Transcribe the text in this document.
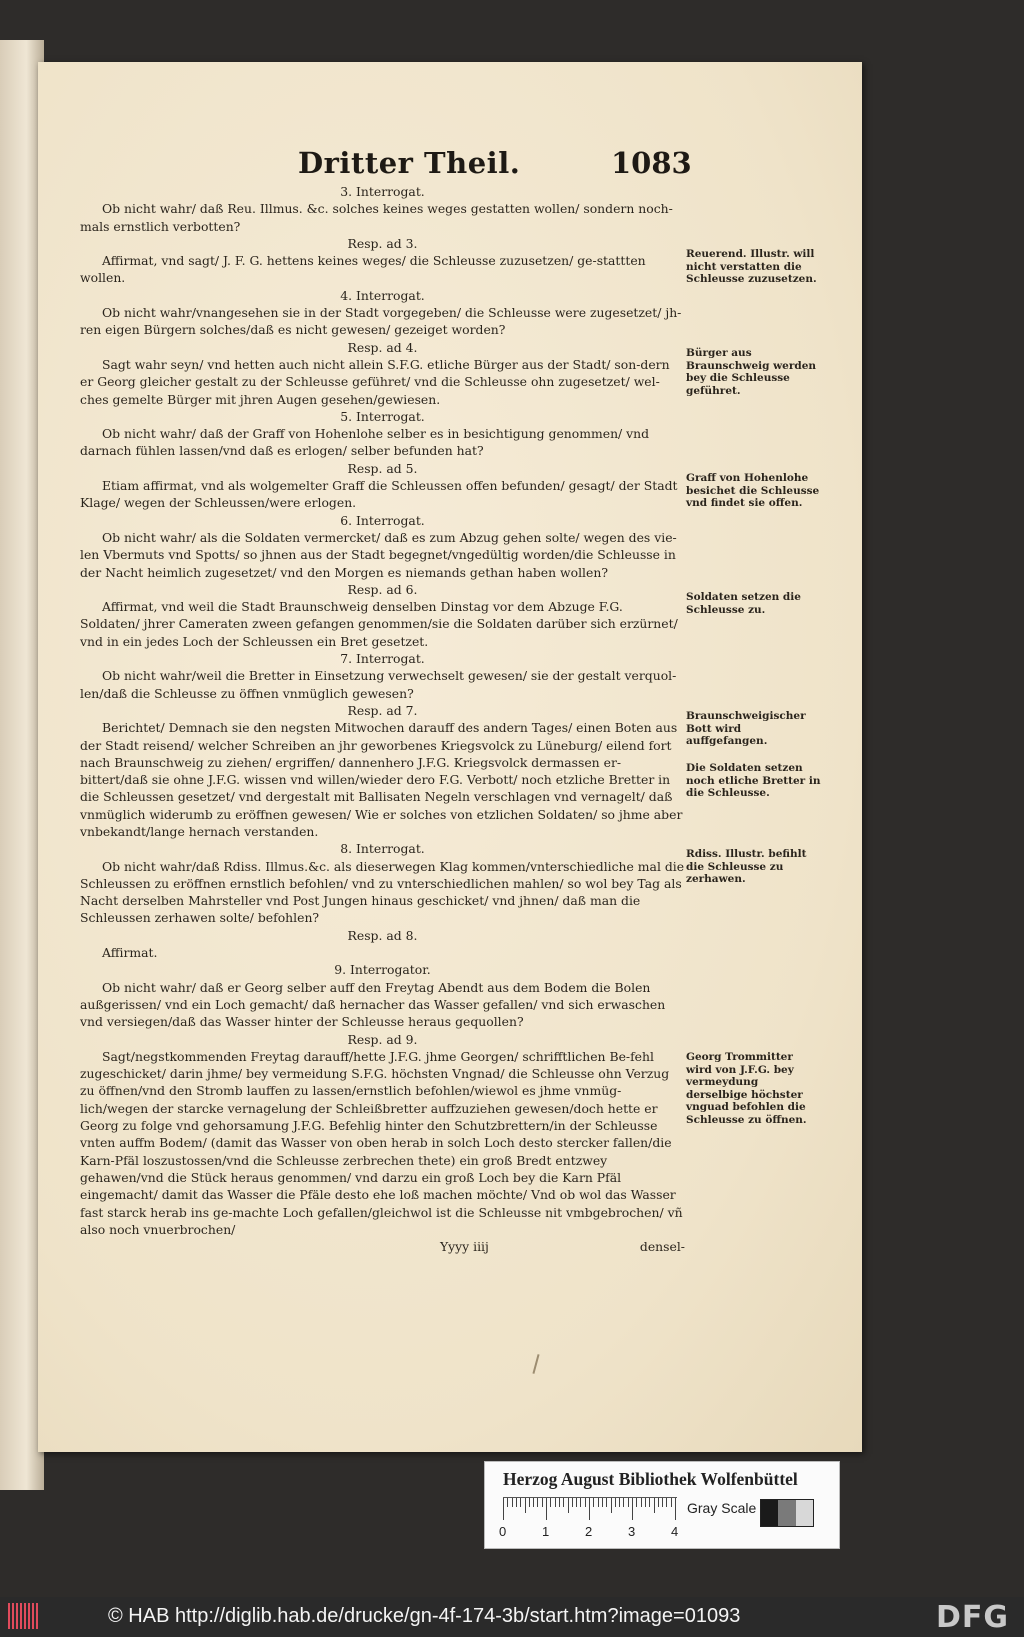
Dritter Theil.	1083

3. Interrogat.

Ob nicht wahr/ daß Reu. Illmus. &c. solches keines weges gestatten wollen/ sondern noch-mals ernstlich verbotten?

Resp. ad 3.

Affirmat, vnd sagt/ J. F. G. hettens keines weges/ die Schleusse zuzusetzen/ ge-stattten wollen.

4. Interrogat.

Ob nicht wahr/vnangesehen sie in der Stadt vorgegeben/ die Schleusse were zugesetzet/ jh-ren eigen Bürgern solches/daß es nicht gewesen/ gezeiget worden?

Resp. ad 4.

Sagt wahr seyn/ vnd hetten auch nicht allein S.F.G. etliche Bürger aus der Stadt/ son-dern er Georg gleicher gestalt zu der Schleusse geführet/ vnd die Schleusse ohn zugesetzet/ wel-ches gemelte Bürger mit jhren Augen gesehen/gewiesen.

5. Interrogat.

Ob nicht wahr/ daß der Graff von Hohenlohe selber es in besichtigung genommen/ vnd darnach fühlen lassen/vnd daß es erlogen/ selber befunden hat?

Resp. ad 5.

Etiam affirmat, vnd als wolgemelter Graff die Schleussen offen befunden/ gesagt/ der Stadt Klage/ wegen der Schleussen/were erlogen.

6. Interrogat.

Ob nicht wahr/ als die Soldaten vermercket/ daß es zum Abzug gehen solte/ wegen des vie-len Vbermuts vnd Spotts/ so jhnen aus der Stadt begegnet/vngedültig worden/die Schleusse in der Nacht heimlich zugesetzet/ vnd den Morgen es niemands gethan haben wollen?

Resp. ad 6.

Affirmat, vnd weil die Stadt Braunschweig denselben Dinstag vor dem Abzuge F.G. Soldaten/ jhrer Cameraten zween gefangen genommen/sie die Soldaten darüber sich erzürnet/ vnd in ein jedes Loch der Schleussen ein Bret gesetzet.

7. Interrogat.

Ob nicht wahr/weil die Bretter in Einsetzung verwechselt gewesen/ sie der gestalt verquol-len/daß die Schleusse zu öffnen vnmüglich gewesen?

Resp. ad 7.

Berichtet/ Demnach sie den negsten Mitwochen darauff des andern Tages/ einen Boten aus der Stadt reisend/ welcher Schreiben an jhr geworbenes Kriegsvolck zu Lüneburg/ eilend fort nach Braunschweig zu ziehen/ ergriffen/ dannenhero J.F.G. Kriegsvolck dermassen er-bittert/daß sie ohne J.F.G. wissen vnd willen/wieder dero F.G. Verbott/ noch etzliche Bretter in die Schleussen gesetzet/ vnd dergestalt mit Ballisaten Negeln verschlagen vnd vernagelt/ daß vnmüglich widerumb zu eröffnen gewesen/ Wie er solches von etzlichen Soldaten/ so jhme aber vnbekandt/lange hernach verstanden.

8. Interrogat.

Ob nicht wahr/daß Rdiss. Illmus.&c. als dieserwegen Klag kommen/vnterschiedliche mal die Schleussen zu eröffnen ernstlich befohlen/ vnd zu vnterschiedlichen mahlen/ so wol bey Tag als Nacht derselben Mahrsteller vnd Post Jungen hinaus geschicket/ vnd jhnen/ daß man die Schleussen zerhawen solte/ befohlen?

Resp. ad 8.

Affirmat.

9. Interrogator.

Ob nicht wahr/ daß er Georg selber auff den Freytag Abendt aus dem Bodem die Bolen außgerissen/ vnd ein Loch gemacht/ daß hernacher das Wasser gefallen/ vnd sich erwaschen vnd versiegen/daß das Wasser hinter der Schleusse heraus gequollen?

Resp. ad 9.

Sagt/negstkommenden Freytag darauff/hette J.F.G. jhme Georgen/ schrifftlichen Be-fehl zugeschicket/ darin jhme/ bey vermeidung S.F.G. höchsten Vngnad/ die Schleusse ohn Verzug zu öffnen/vnd den Stromb lauffen zu lassen/ernstlich befohlen/wiewol es jhme vnmüg-lich/wegen der starcke vernagelung der Schleißbretter auffzuziehen gewesen/doch hette er Georg zu folge vnd gehorsamung J.F.G. Befehlig hinter den Schutzbrettern/in der Schleusse vnten auffm Bodem/ (damit das Wasser von oben herab in solch Loch desto stercker fallen/die Karn-Pfäl loszustossen/vnd die Schleusse zerbrechen thete) ein groß Bredt entzwey gehawen/vnd die Stück heraus genommen/ vnd darzu ein groß Loch bey die Karn Pfäl eingemacht/ damit das Wasser die Pfäle desto ehe loß machen möchte/ Vnd ob wol das Wasser fast starck herab ins ge-machte Loch gefallen/gleichwol ist die Schleusse nit vmbgebrochen/ vñ also noch vnuerbrochen/

Yyyy iiij	densel-
Reuerend. Illustr. will nicht verstatten die Schleusse zuzusetzen.
Bürger aus Braunschweig werden bey die Schleusse geführet.
Graff von Hohenlohe besichet die Schleusse vnd findet sie offen.
Soldaten setzen die Schleusse zu.
Braunschweigischer Bott wird auffgefangen.
Die Soldaten setzen noch etliche Bretter in die Schleusse.
Rdiss. Illustr. befihlt die Schleusse zu zerhawen.
Georg Trommitter wird von J.F.G. bey vermeydung derselbige höchster vnguad befohlen die Schleusse zu öffnen.
Herzog August Bibliothek Wolfenbüttel
0	1	2	3	4
Gray Scale
© HAB http://diglib.hab.de/drucke/gn-4f-174-3b/start.htm?image=01093	DFG
